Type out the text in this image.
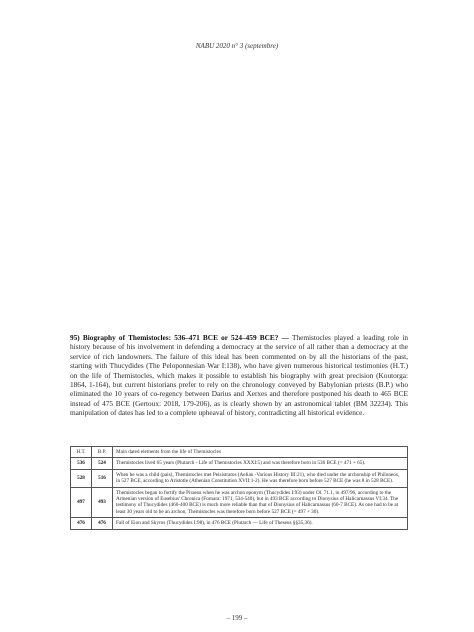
NABU 2020 n° 3 (septembre)
95) Biography of Themistocles: 536–471 BCE or 524–459 BCE? — Themistocles played a leading role in history because of his involvement in defending a democracy at the service of all rather than a democracy at the service of rich landowners. The failure of this ideal has been commented on by all the historians of the past, starting with Thucydides (The Peloponnesian War I:138), who have given numerous historical testimonies (H.T.) on the life of Themistocles, which makes it possible to establish his biography with great precision (Koutorga: 1864, 1-164), but current historians prefer to rely on the chronology conveyed by Babylonian priests (B.P.) who eliminated the 10 years of co-regency between Darius and Xerxes and therefore postponed his death to 465 BCE instead of 475 BCE (Gertoux: 2018, 179-206), as is clearly shown by an astronomical tablet (BM 32234). This manipulation of dates has led to a complete upheaval of history, contradicting all historical evidence.
H.T.	B.P.	Main dated elements from the life of Themistocles
536	524	Themistocles lived 65 years (Plutarch - Life of Themistocles XXXI:5) and was therefore born in 536 BCE (= 471 + 65).
528	516	When he was a child (pais), Themistocles met Peisistratos (Aelian -Various History III:21), who died under the archonship of Philoneos, in 527 BCE, according to Aristotle (Athenian Constitution XVII:1-2). He was therefore born before 527 BCE (he was 8 in 528 BCE).
497	493	Themistocles began to fortify the Piraeus when he was archon eponym (Thucydides I:93) under Ol. 71.1, in 497/96, according to the Armenian version of Eusebius' Chronica (Fornara: 1971, 534-540), but in 493 BCE according to Dionysius of Halicarnassus VI:34. The testimony of Thucydides (460-400 BCE) is much more reliable than that of Dionysius of Halicarnassus (60-7 BCE). As one had to be at least 30 years old to be an archon, Themistocles was therefore born before 527 BCE (= 497 + 30).
476	476	Fall of Eion and Skyros (Thucydides I:98), in 476 BCE (Plutarch — Life of Theseus §§35,36).
– 199 –
